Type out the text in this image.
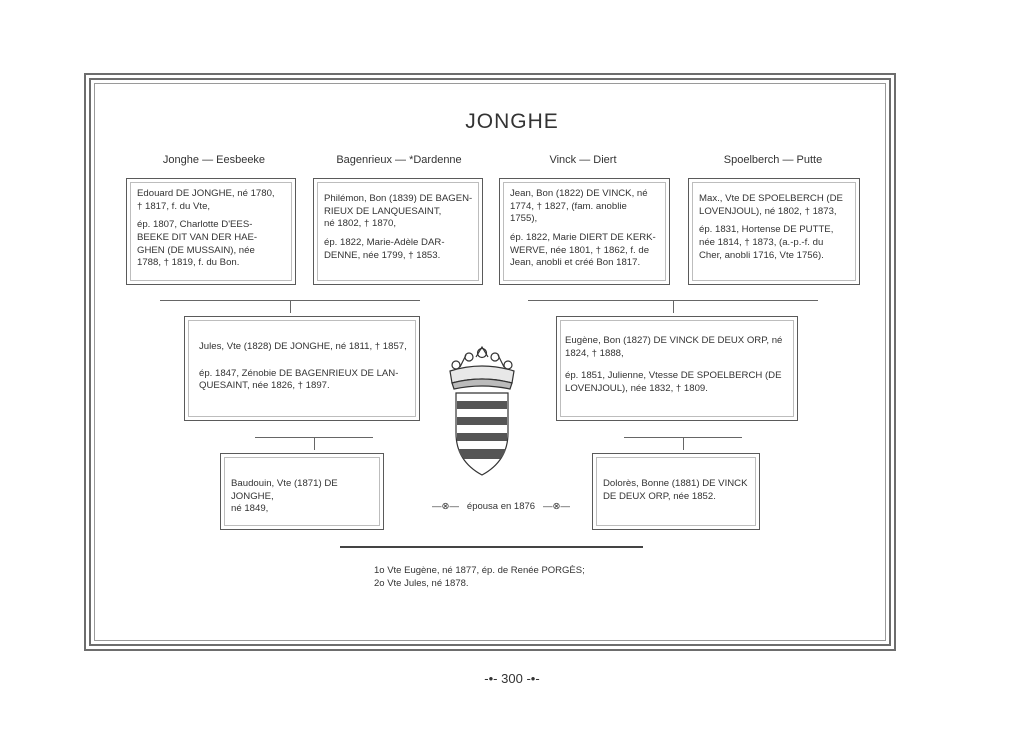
JONGHE
Jonghe — Eesbeeke	Bagenrieux — *Dardenne	Vinck — Diert	Spoelberch — Putte

Edouard DE JONGHE, né 1780,

† 1817, f. du Vte,

ép. 1807, Charlotte D'EES-

BEEKE DIT VAN DER HAE-

GHEN (DE MUSSAIN), née

1788, † 1819, f. du Bon.

Philémon, Bon (1839) DE BAGEN-

RIEUX DE LANQUESAINT,

né 1802, † 1870,

ép. 1822, Marie-Adèle DAR-

DENNE, née 1799, † 1853.

Jean, Bon (1822) DE VINCK, né

1774, † 1827, (fam. anoblie

1755),

ép. 1822, Marie DIERT DE KERK-

WERVE, née 1801, † 1862, f. de

Jean, anobli et créé Bon 1817.

Max., Vte DE SPOELBERCH (DE

LOVENJOUL), né 1802, † 1873,

ép. 1831, Hortense DE PUTTE,

née 1814, † 1873, (a.-p.-f. du

Cher, anobli 1716, Vte 1756).

Jules, Vte (1828) DE JONGHE, né 1811, † 1857,

ép. 1847, Zénobie DE BAGENRIEUX DE LAN-

QUESAINT, née 1826, † 1897.

Eugène, Bon (1827) DE VINCK DE DEUX ORP, né

1824, † 1888,

ép. 1851, Julienne, Vtesse DE SPOELBERCH (DE

LOVENJOUL), née 1832, † 1809.

Baudouin, Vte (1871) DE JONGHE,

né 1849,

Dolorès, Bonne (1881) DE VINCK

DE DEUX ORP, née 1852.

—⊗— épousa en 1876 —⊗—
1o Vte Eugène, né 1877, ép. de Renée PORGÈS;
2o Vte Jules, né 1878.
-•- 300 -•-
